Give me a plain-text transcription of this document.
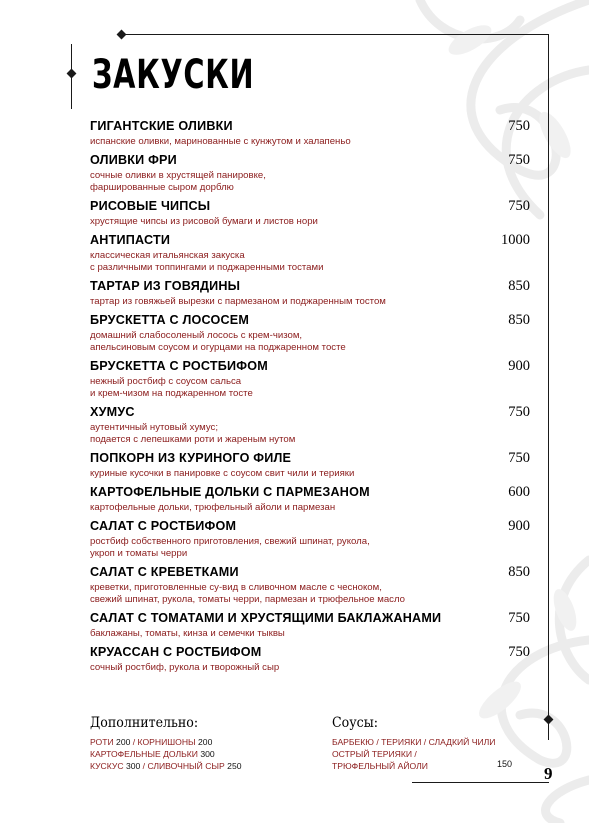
ЗАКУСКИ
ГИГАНТСКИЕ ОЛИВКИ	750
испанские оливки, маринованные с кунжутом и халапеньо
ОЛИВКИ ФРИ	750
сочные оливки в хрустящей панировке,
фаршированные сыром дорблю
РИСОВЫЕ ЧИПСЫ	750
хрустящие чипсы из рисовой бумаги и листов нори
АНТИПАСТИ	1000
классическая итальянская закуска
с различными топпингами и поджаренными тостами
ТАРТАР ИЗ ГОВЯДИНЫ	850
тартар из говяжьей вырезки с пармезаном и поджаренным тостом
БРУСКЕТТА С ЛОСОСЕМ	850
домашний слабосоленый лосось с крем-чизом,
апельсиновым соусом и огурцами на поджаренном тосте
БРУСКЕТТА С РОСТБИФОМ	900
нежный ростбиф с соусом сальса
и крем-чизом на поджаренном тосте
ХУМУС	750
аутентичный нутовый хумус;
подается с лепешками роти и жареным нутом
ПОПКОРН ИЗ КУРИНОГО ФИЛЕ	750
куриные кусочки в панировке с соусом свит чили и терияки
КАРТОФЕЛЬНЫЕ ДОЛЬКИ С ПАРМЕЗАНОМ	600
картофельные дольки, трюфельный айоли и пармезан
САЛАТ С РОСТБИФОМ	900
ростбиф собственного приготовления, свежий шпинат, рукола,
укроп и томаты черри
САЛАТ С КРЕВЕТКАМИ	850
креветки, приготовленные су-вид в сливочном масле с чесноком,
свежий шпинат, рукола, томаты черри, пармезан и трюфельное масло
САЛАТ С ТОМАТАМИ И ХРУСТЯЩИМИ БАКЛАЖАНАМИ	750
баклажаны, томаты, кинза и семечки тыквы
КРУАССАН С РОСТБИФОМ	750
сочный ростбиф, рукола и творожный сыр
Дополнительно:
РОТИ 200 / КОРНИШОНЫ 200
КАРТОФЕЛЬНЫЕ ДОЛЬКИ 300
КУСКУС 300 / СЛИВОЧНЫЙ СЫР 250
Соусы:
БАРБЕКЮ / ТЕРИЯКИ / СЛАДКИЙ ЧИЛИ
ОСТРЫЙ ТЕРИЯКИ /
ТРЮФЕЛЬНЫЙ АЙОЛИ	150 9
